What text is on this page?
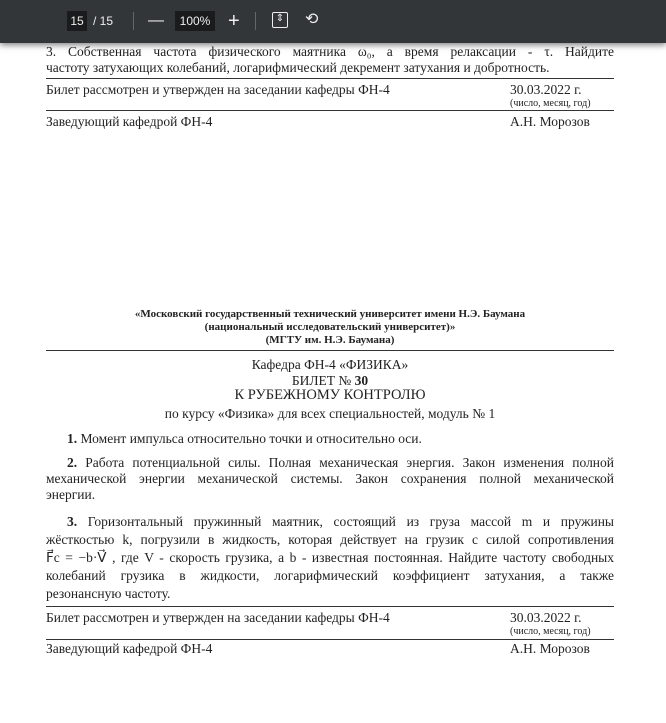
15 / 15 —	100% +	⇕ ⟲
3. Собственная частота физического маятника ω₀, а время релаксации - τ. Найдите
частоту затухающих колебаний, логарифмический декремент затухания и добротность.
Билет рассмотрен и утвержден на заседании кафедры ФН-4	30.03.2022 г.
(число, месяц, год)
Заведующий кафедрой ФН-4	А.Н. Морозов
«Московский государственный технический университет имени Н.Э. Баумана
(национальный исследовательский университет)»
(МГТУ им. Н.Э. Баумана)
Кафедра ФН-4 «ФИЗИКА»
БИЛЕТ № 30
К РУБЕЖНОМУ КОНТРОЛЮ
по курсу «Физика» для всех специальностей, модуль № 1
1. Момент импульса относительно точки и относительно оси.
2. Работа потенциальной силы. Полная механическая энергия. Закон изменения полной
механической энергии механической системы. Закон сохранения полной механической
энергии.
3. Горизонтальный пружинный маятник, состоящий из груза массой m и пружины
жёсткостью k, погрузили в жидкость, которая действует на грузик с силой сопротивления
F⃗c = −b·V⃗ , где V - скорость грузика, а b - известная постоянная. Найдите частоту свободных
колебаний грузика в жидкости, логарифмический коэффициент затухания, а также
резонансную частоту.
Билет рассмотрен и утвержден на заседании кафедры ФН-4	30.03.2022 г.
(число, месяц, год)
Заведующий кафедрой ФН-4	А.Н. Морозов
